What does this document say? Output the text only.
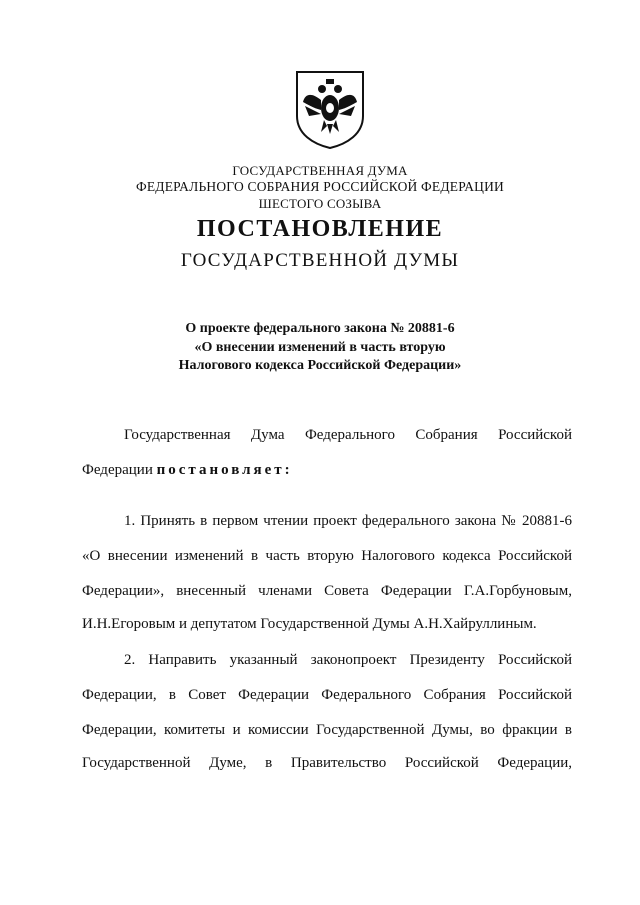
ГОСУДАРСТВЕННАЯ ДУМА
ФЕДЕРАЛЬНОГО СОБРАНИЯ РОССИЙСКОЙ ФЕДЕРАЦИИ
ШЕСТОГО СОЗЫВА
ПОСТАНОВЛЕНИЕ
ГОСУДАРСТВЕННОЙ ДУМЫ
О проекте федерального закона № 20881-6
«О внесении изменений в часть вторую
Налогового кодекса Российской Федерации»
Государственная Дума Федерального Собрания Российской
Федерации постановляет:
1. Принять в первом чтении проект федерального закона № 20881-6
«О внесении изменений в часть вторую Налогового кодекса Российской
Федерации», внесенный членами Совета Федерации Г.А.Горбуновым,
И.Н.Егоровым и депутатом Государственной Думы А.Н.Хайруллиным.
2. Направить указанный законопроект Президенту Российской
Федерации, в Совет Федерации Федерального Собрания Российской
Федерации, комитеты и комиссии Государственной Думы, во фракции в
Государственной Думе, в Правительство Российской Федерации,
